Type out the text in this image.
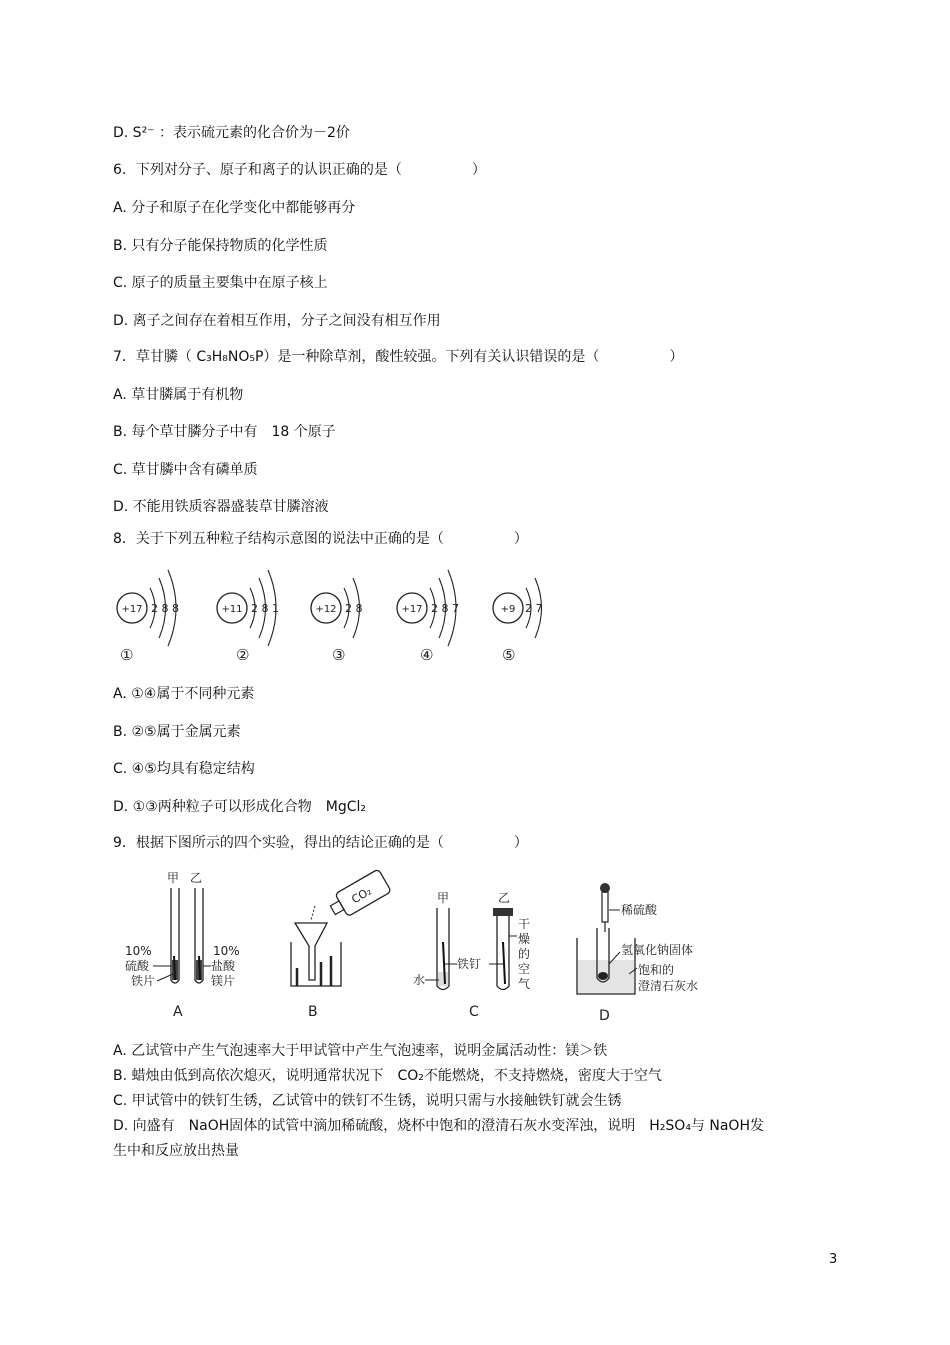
D. S²⁻ ：表示硫元素的化合价为－2价
6．下列对分子、原子和离子的认识正确的是（　　　　　）
A. 分子和原子在化学变化中都能够再分
B. 只有分子能保持物质的化学性质
C. 原子的质量主要集中在原子核上
D. 离子之间存在着相互作用，分子之间没有相互作用
7．草甘膦（ C₃H₈NO₅P）是一种除草剂，酸性较强。下列有关认识错误的是（　　　　　）
A. 草甘膦属于有机物
B. 每个草甘膦分子中有　18 个原子
C. 草甘膦中含有磷单质
D. 不能用铁质容器盛装草甘膦溶液
8．关于下列五种粒子结构示意图的说法中正确的是（　　　　　）
+17 2 8 8
①
+11 2 8 1
②
+12 2 8
③
+17 2 8 7
④
+9 2 7
⑤
A. ①④属于不同种元素
B. ②⑤属于金属元素
C. ④⑤均具有稳定结构
D. ①③两种粒子可以形成化合物　MgCl₂
9．根据下图所示的四个实验，得出的结论正确的是（　　　　　）
甲 乙
10%
硫酸
铁片
10%
盐酸
镁片
A
CO₂
B
甲	乙
铁钉
水
干
燥
的
空
气
C
稀硫酸
氢氧化钠固体
饱和的
澄清石灰水
D
A. 乙试管中产生气泡速率大于甲试管中产生气泡速率，说明金属活动性：镁＞铁
B. 蜡烛由低到高依次熄灭，说明通常状况下　CO₂不能燃烧，不支持燃烧，密度大于空气
C. 甲试管中的铁钉生锈，乙试管中的铁钉不生锈，说明只需与水接触铁钉就会生锈
D. 向盛有　NaOH固体的试管中滴加稀硫酸，烧杯中饱和的澄清石灰水变浑浊，说明　H₂SO₄与 NaOH发
生中和反应放出热量
3
